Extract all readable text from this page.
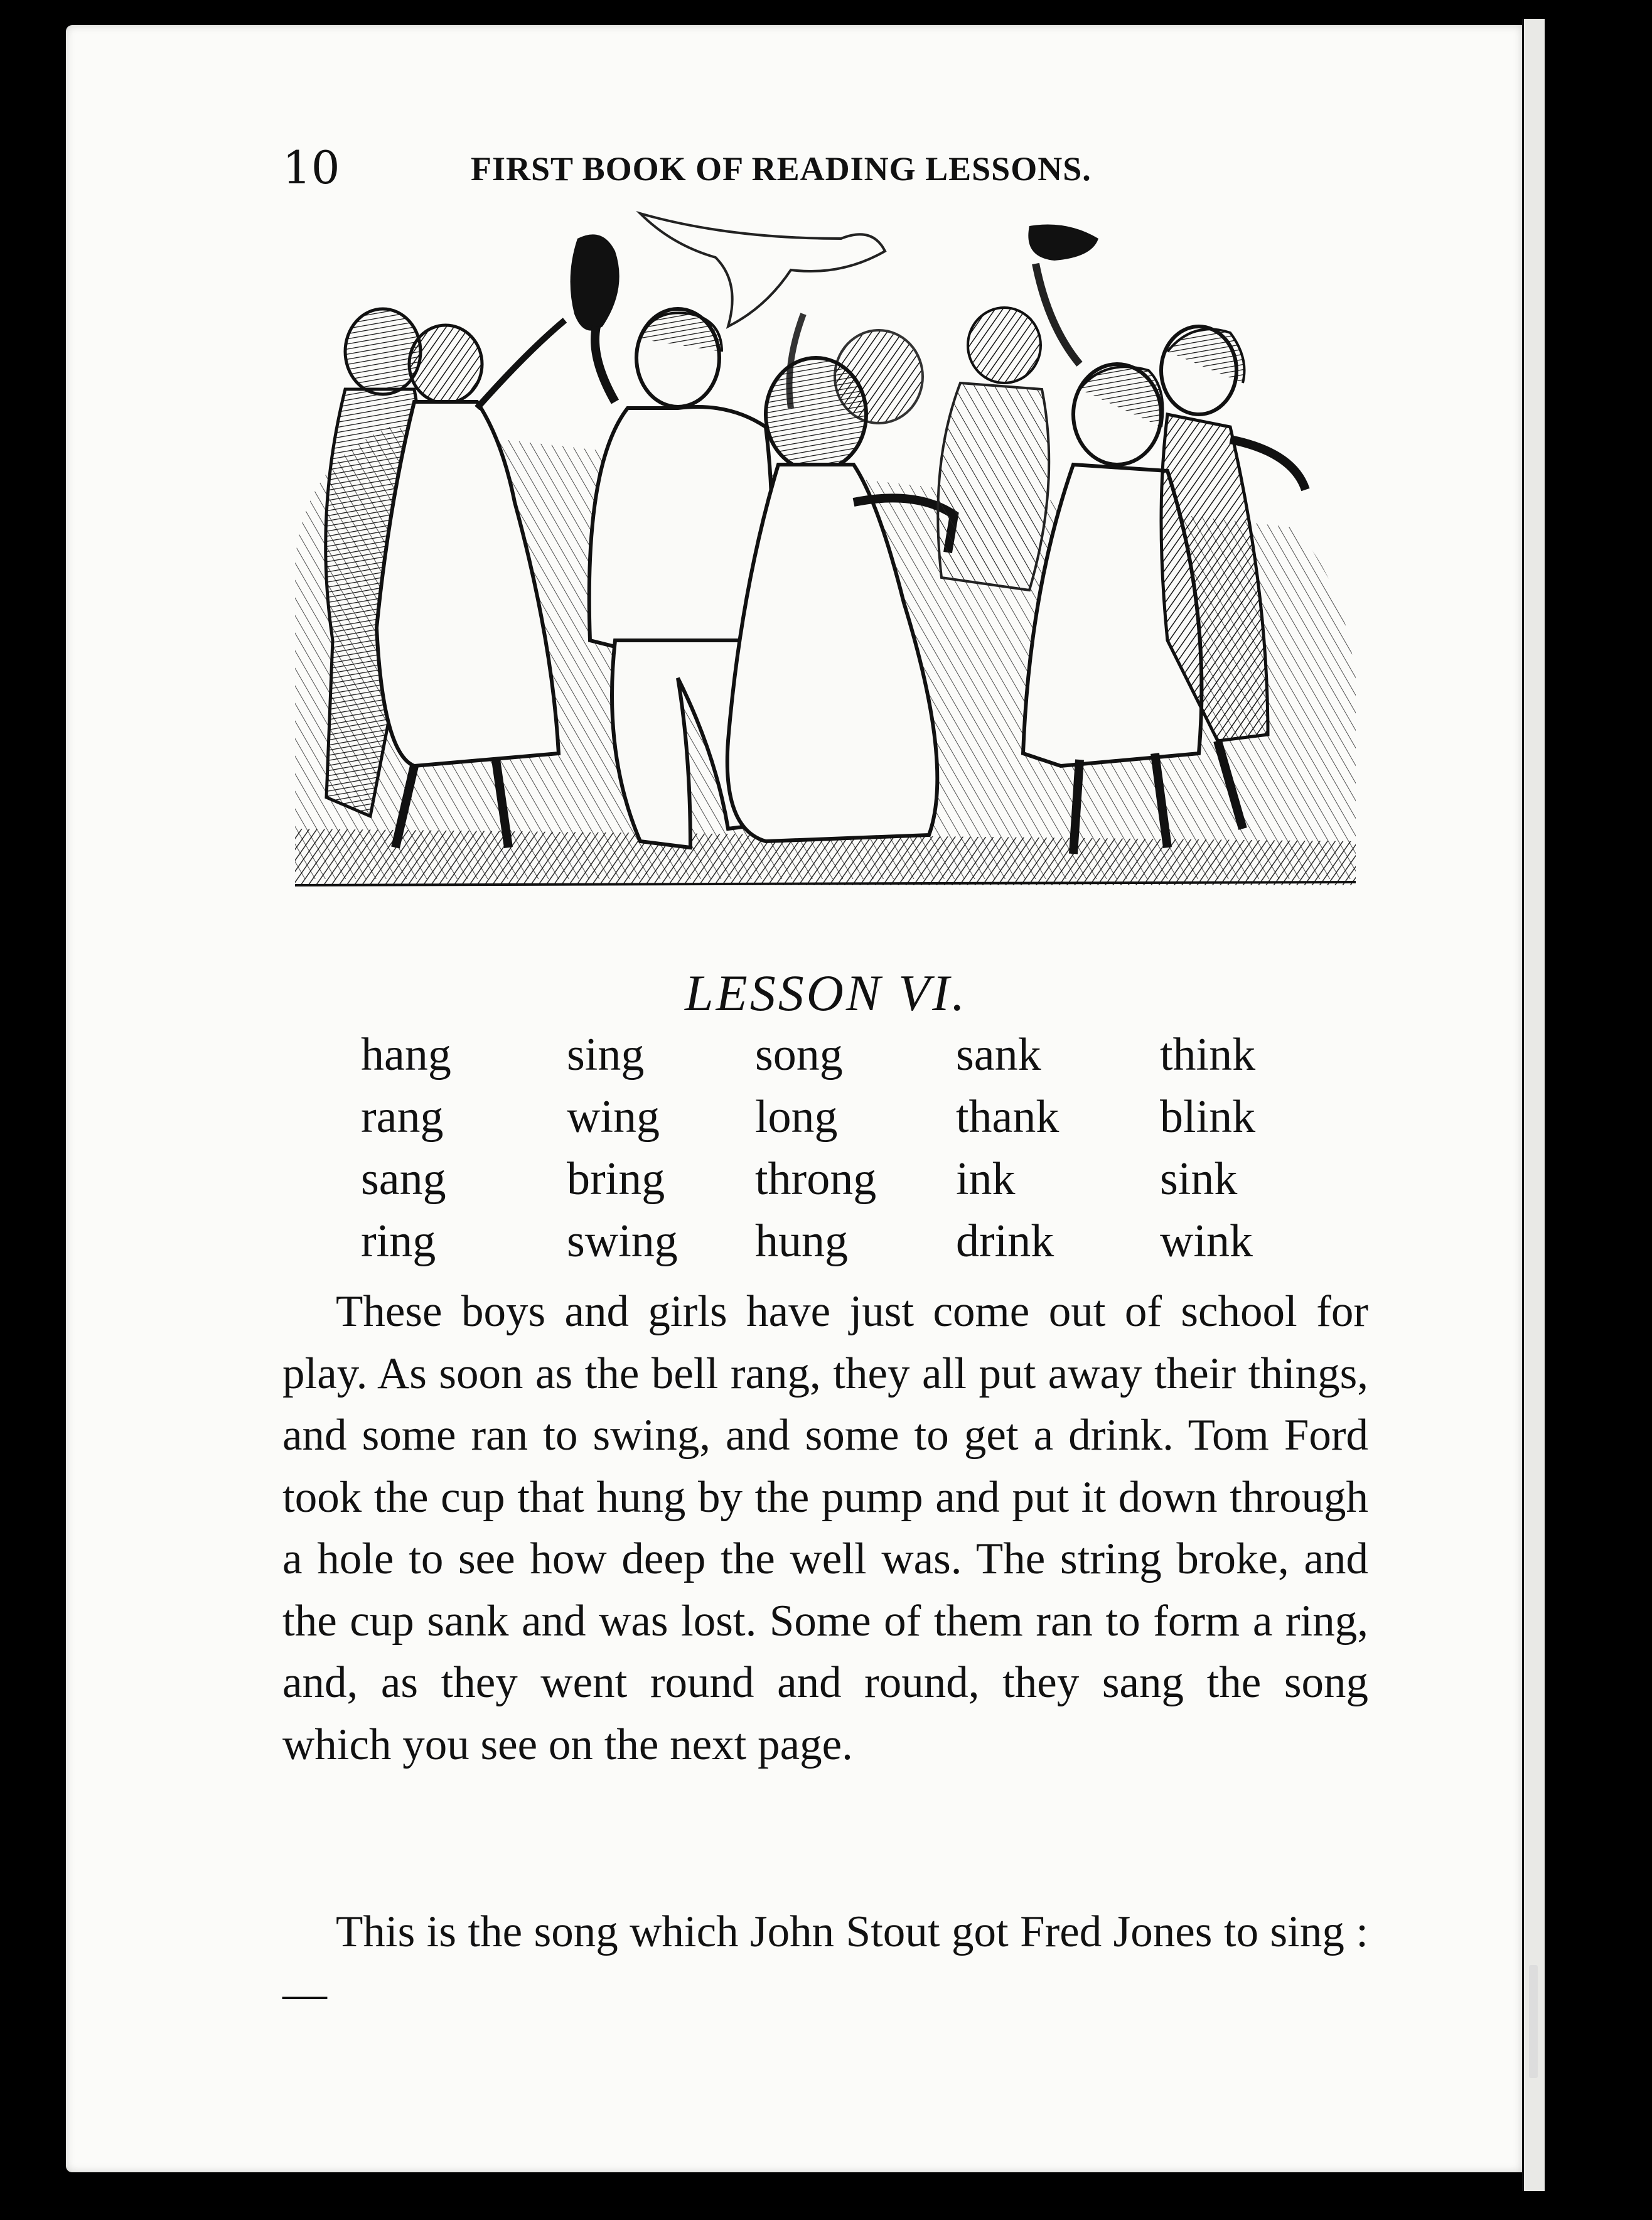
10	FIRST BOOK OF READING LESSONS.
LESSON VI.
hang	sing	song	sank	think
rang	wing	long	thank	blink
sang	bring	throng	ink	sink
ring	swing	hung	drink	wink

These boys and girls have just come out of school for play. As soon as the bell rang, they all put away their things, and some ran to swing, and some to get a drink. Tom Ford took the cup that hung by the pump and put it down through a hole to see how deep the well was. The string broke, and the cup sank and was lost. Some of them ran to form a ring, and, as they went round and round, they sang the song which you see on the next page.

This is the song which John Stout got Fred Jones to sing :—
